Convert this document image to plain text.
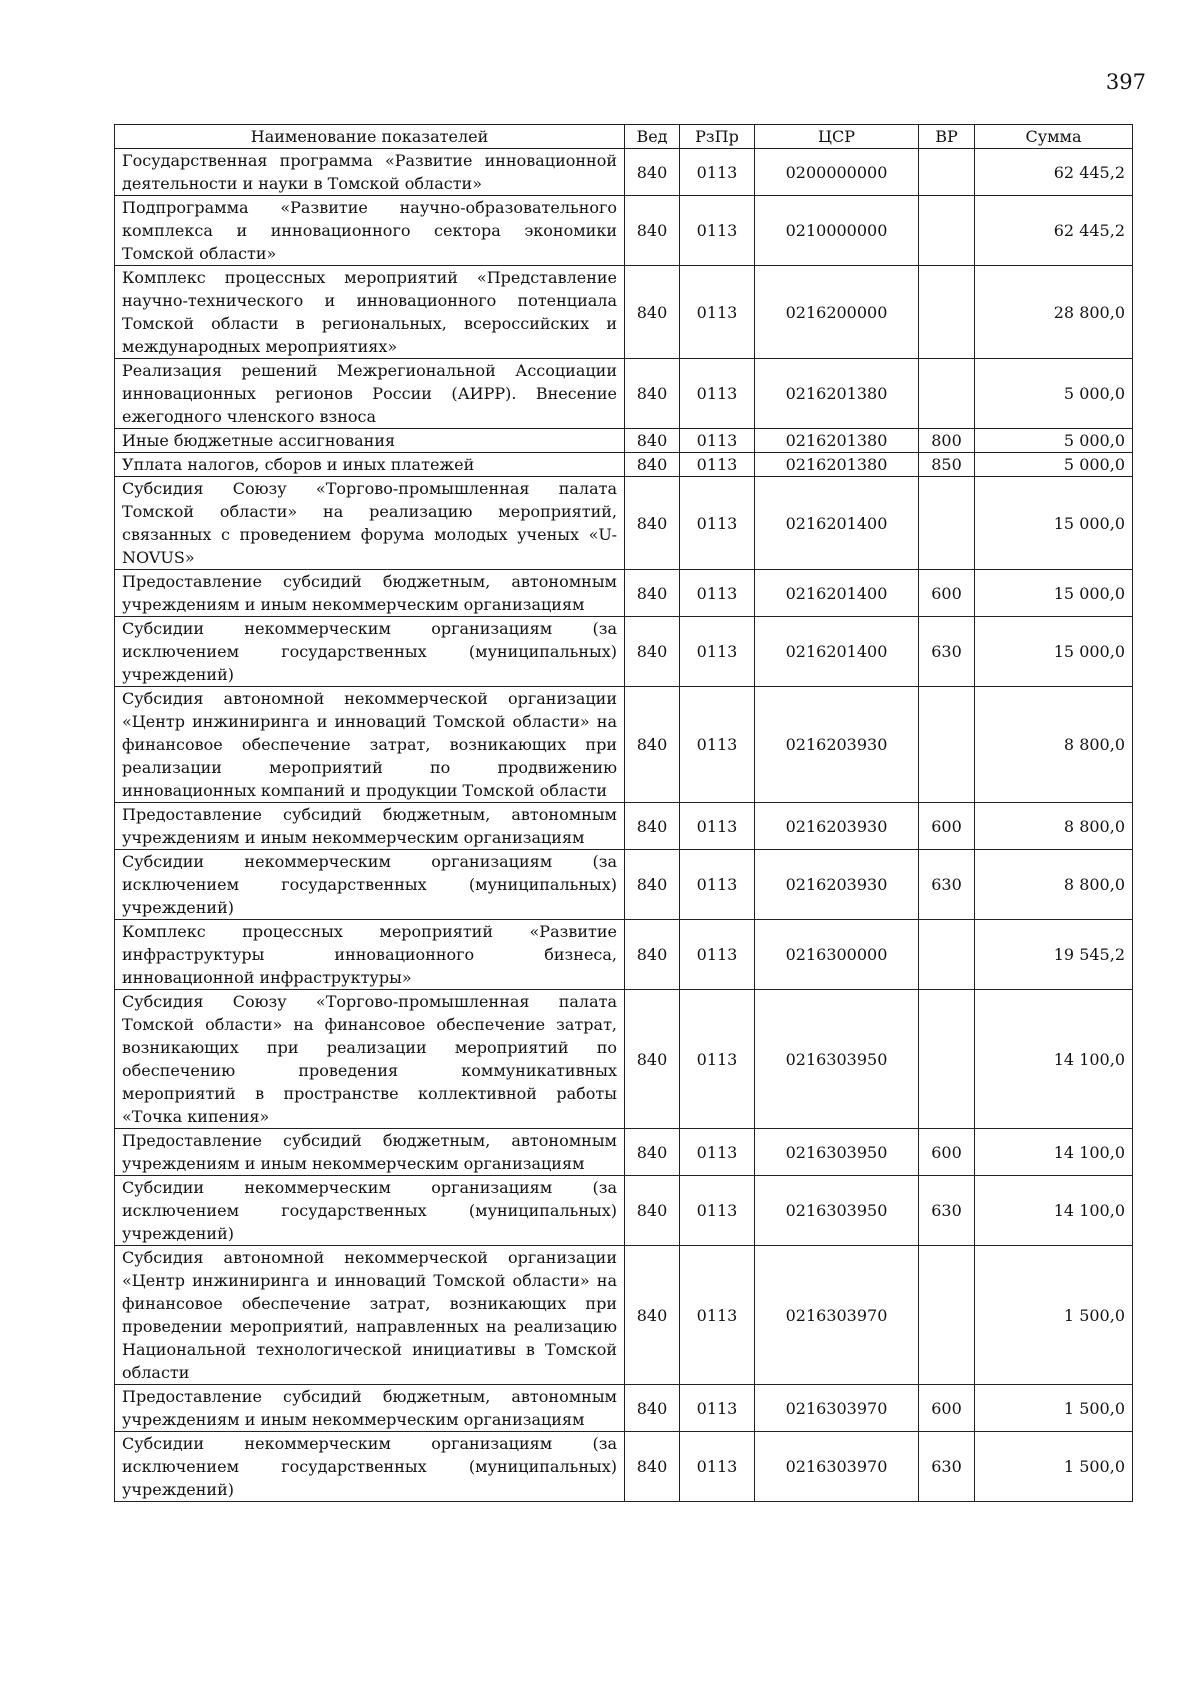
397
Наименование показателей	Вед	РзПр	ЦСР	ВР	Сумма
Государственная программа «Развитие инновационной деятельности и науки в Томской области»	840	0113	0200000000		62 445,2
Подпрограмма «Развитие научно-образовательного комплекса и инновационного сектора экономики Томской области»	840	0113	0210000000		62 445,2
Комплекс процессных мероприятий «Представление научно-технического и инновационного потенциала Томской области в региональных, всероссийских и международных мероприятиях»	840	0113	0216200000		28 800,0
Реализация решений Межрегиональной Ассоциации инновационных регионов России (АИРР). Внесение ежегодного членского взноса	840	0113	0216201380		5 000,0
Иные бюджетные ассигнования	840	0113	0216201380	800	5 000,0
Уплата налогов, сборов и иных платежей	840	0113	0216201380	850	5 000,0
Субсидия Союзу «Торгово-промышленная палата Томской области» на реализацию мероприятий, связанных с проведением форума молодых ученых «U-NOVUS»	840	0113	0216201400		15 000,0
Предоставление субсидий бюджетным, автономным учреждениям и иным некоммерческим организациям	840	0113	0216201400	600	15 000,0
Субсидии некоммерческим организациям (за исключением государственных (муниципальных) учреждений)	840	0113	0216201400	630	15 000,0
Субсидия автономной некоммерческой организации «Центр инжиниринга и инноваций Томской области» на финансовое обеспечение затрат, возникающих при реализации мероприятий по продвижению инновационных компаний и продукции Томской области	840	0113	0216203930		8 800,0
Предоставление субсидий бюджетным, автономным учреждениям и иным некоммерческим организациям	840	0113	0216203930	600	8 800,0
Субсидии некоммерческим организациям (за исключением государственных (муниципальных) учреждений)	840	0113	0216203930	630	8 800,0
Комплекс процессных мероприятий «Развитие инфраструктуры инновационного бизнеса, инновационной инфраструктуры»	840	0113	0216300000		19 545,2
Субсидия Союзу «Торгово-промышленная палата Томской области» на финансовое обеспечение затрат, возникающих при реализации мероприятий по обеспечению проведения коммуникативных мероприятий в пространстве коллективной работы «Точка кипения»	840	0113	0216303950		14 100,0
Предоставление субсидий бюджетным, автономным учреждениям и иным некоммерческим организациям	840	0113	0216303950	600	14 100,0
Субсидии некоммерческим организациям (за исключением государственных (муниципальных) учреждений)	840	0113	0216303950	630	14 100,0
Субсидия автономной некоммерческой организации «Центр инжиниринга и инноваций Томской области» на финансовое обеспечение затрат, возникающих при проведении мероприятий, направленных на реализацию Национальной технологической инициативы в Томской области	840	0113	0216303970		1 500,0
Предоставление субсидий бюджетным, автономным учреждениям и иным некоммерческим организациям	840	0113	0216303970	600	1 500,0
Субсидии некоммерческим организациям (за исключением государственных (муниципальных) учреждений)	840	0113	0216303970	630	1 500,0
